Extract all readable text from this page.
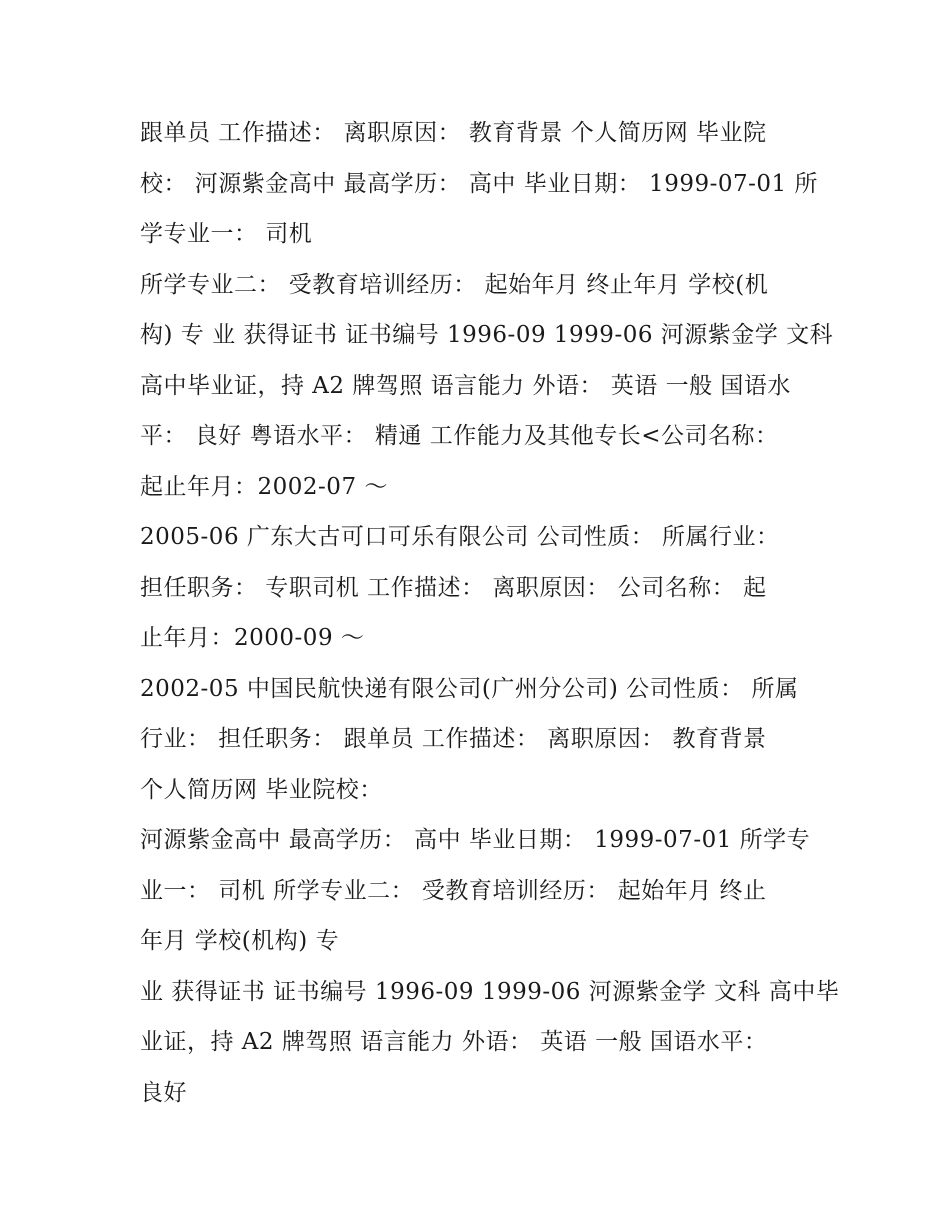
跟单员 工作描述： 离职原因： 教育背景 个人简历网 毕业院
校： 河源紫金高中 最高学历： 高中 毕业日期： 1999-07-01 所
学专业一： 司机
所学专业二： 受教育培训经历： 起始年月 终止年月 学校(机
构) 专 业 获得证书 证书编号 1996-09 1999-06 河源紫金学 文科
高中毕业证，持 A2 牌驾照 语言能力 外语： 英语 一般 国语水
平： 良好 粤语水平： 精通 工作能力及其他专长<公司名称：
起止年月：2002-07 ～
2005-06 广东大古可口可乐有限公司 公司性质： 所属行业：
担任职务： 专职司机 工作描述： 离职原因： 公司名称： 起
止年月：2000-09 ～
2002-05 中国民航快递有限公司(广州分公司) 公司性质： 所属
行业： 担任职务： 跟单员 工作描述： 离职原因： 教育背景
个人简历网 毕业院校：
河源紫金高中 最高学历： 高中 毕业日期： 1999-07-01 所学专
业一： 司机 所学专业二： 受教育培训经历： 起始年月 终止
年月 学校(机构) 专
业 获得证书 证书编号 1996-09 1999-06 河源紫金学 文科 高中毕
业证，持 A2 牌驾照 语言能力 外语： 英语 一般 国语水平：
良好
